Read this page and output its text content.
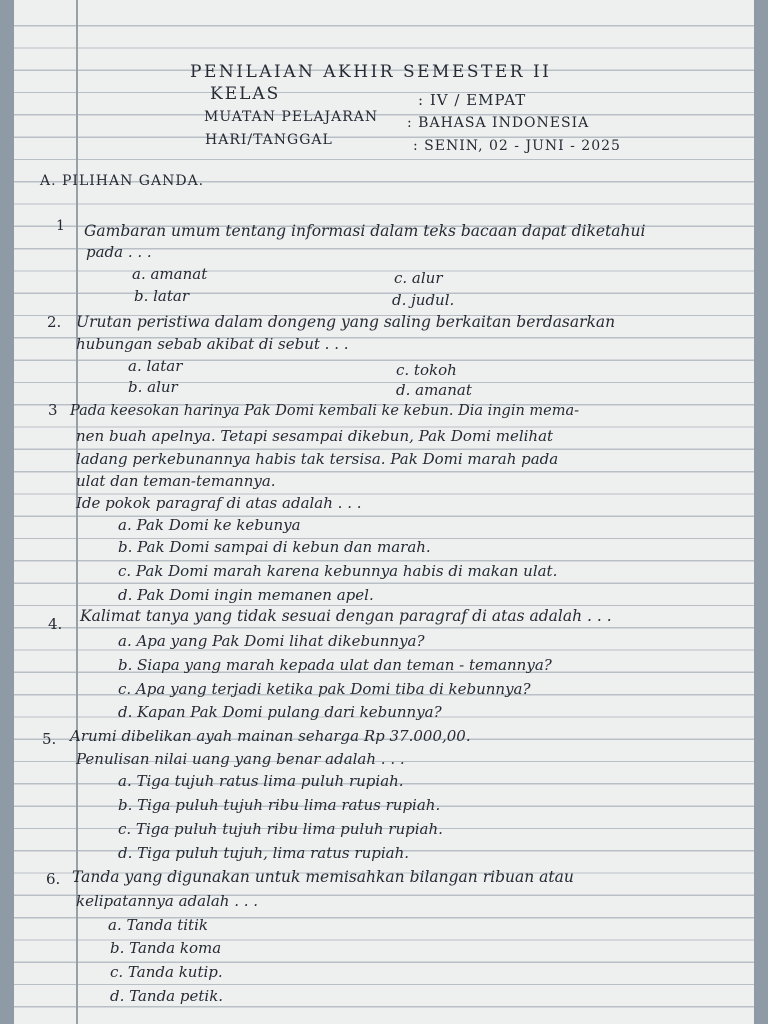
PENILAIAN AKHIR SEMESTER II
KELAS	: IV / EMPAT
MUATAN PELAJARAN : BAHASA INDONESIA
HARI/TANGGAL	: SENIN, 02 - JUNI - 2025
A. PILIHAN GANDA.
1 Gambaran umum tentang informasi dalam teks bacaan dapat diketahui
pada . . .
a. amanat
b. latar
c. alur
d. judul.
2. Urutan peristiwa dalam dongeng yang saling berkaitan berdasarkan
hubungan sebab akibat di sebut . . .
a. latar
b. alur
c. tokoh
d. amanat
3 Pada keesokan harinya Pak Domi kembali ke kebun. Dia ingin mema-
nen buah apelnya. Tetapi sesampai dikebun, Pak Domi melihat
ladang perkebunannya habis tak tersisa. Pak Domi marah pada
ulat dan teman-temannya.
Ide pokok paragraf di atas adalah . . .
a. Pak Domi ke kebunya
b. Pak Domi sampai di kebun dan marah.
c. Pak Domi marah karena kebunnya habis di makan ulat.
d. Pak Domi ingin memanen apel.
4. Kalimat tanya yang tidak sesuai dengan paragraf di atas adalah . . .
a. Apa yang Pak Domi lihat dikebunnya?
b. Siapa yang marah kepada ulat dan teman - temannya?
c. Apa yang terjadi ketika pak Domi tiba di kebunnya?
d. Kapan Pak Domi pulang dari kebunnya?
5. Arumi dibelikan ayah mainan seharga Rp 37.000,00.
Penulisan nilai uang yang benar adalah . . .
a. Tiga tujuh ratus lima puluh rupiah.
b. Tiga puluh tujuh ribu lima ratus rupiah.
c. Tiga puluh tujuh ribu lima puluh rupiah.
d. Tiga puluh tujuh, lima ratus rupiah.
6. Tanda yang digunakan untuk memisahkan bilangan ribuan atau
kelipatannya adalah . . .
a. Tanda titik
b. Tanda koma
c. Tanda kutip.
d. Tanda petik.
